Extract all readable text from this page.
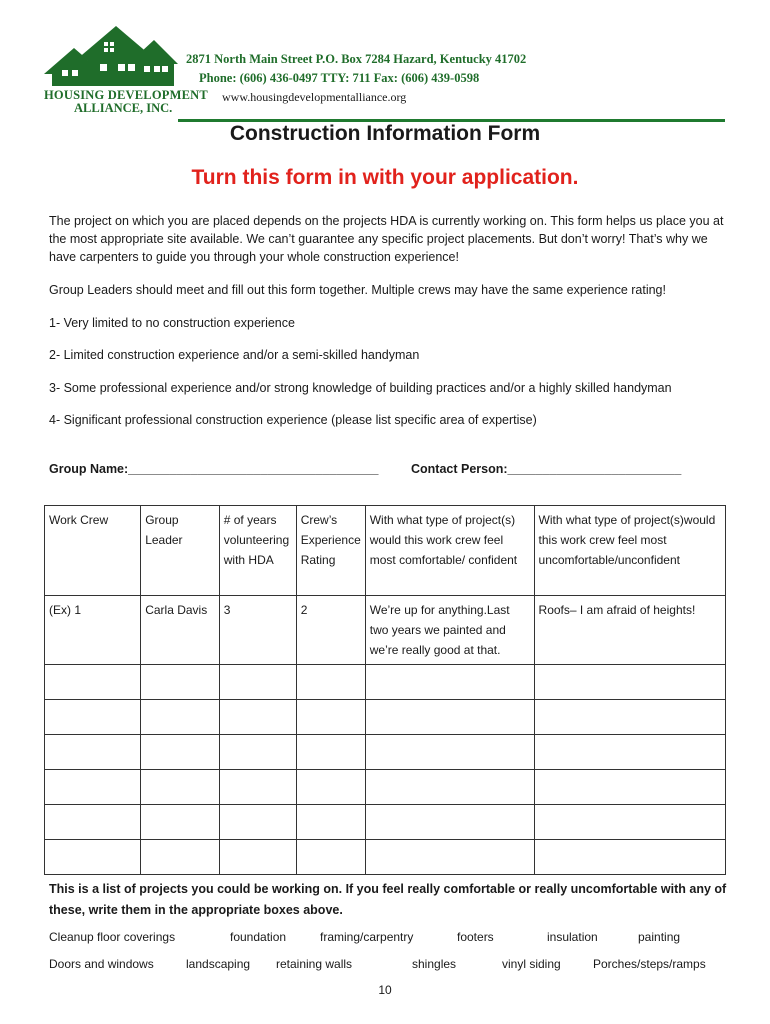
HOUSING DEVELOPMENT
ALLIANCE, INC.
2871 North Main Street P.O. Box 7284 Hazard, Kentucky 41702
Phone: (606) 436-0497 TTY: 711 Fax: (606) 439-0598
www.housingdevelopmentalliance.org
Construction Information Form
Turn this form in with your application.
The project on which you are placed depends on the projects HDA is currently working on. This form helps us place you at the most appropriate site available. We can’t guarantee any specific project placements. But don’t worry! That’s why we have carpenters to guide you through your whole construction experience!
Group Leaders should meet and fill out this form together. Multiple crews may have the same experience rating!
1- Very limited to no construction experience
2- Limited construction experience and/or a semi-skilled handyman
3- Some professional experience and/or strong knowledge of building practices and/or a highly skilled handyman
4- Significant professional construction experience (please list specific area of expertise)
Group Name:____________________________________	Contact Person:_________________________
Work Crew	Group Leader	# of years volunteering with HDA	Crew’s Experience Rating	With what type of project(s) would this work crew feel most comfortable/ confident	With what type of project(s)would this work crew feel most uncomfortable/unconfident
(Ex) 1	Carla Davis	3	2	We’re up for anything.Last two years we painted and we’re really good at that.	Roofs– I am afraid of heights!

This is a list of projects you could be working on. If you feel really comfortable or really uncomfortable with any of these, write them in the appropriate boxes above.
Cleanup floor coverings	foundation	framing/carpentry	footers	insulation	painting
Doors and windows	landscaping retaining walls	shingles	vinyl siding	Porches/steps/ramps
10
